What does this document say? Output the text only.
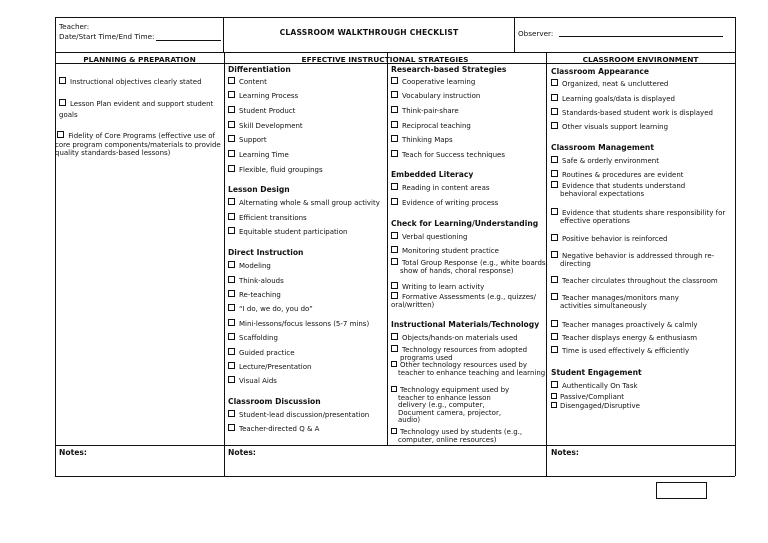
Teacher:
Date/Start Time/End Time:	CLASSROOM WALKTHROUGH CHECKLIST	Observer:
PLANNING & PREPARATION	EFFECTIVE INSTRUCTIONAL STRATEGIES	CLASSROOM ENVIRONMENT
Instructional objectives clearly stated
Lesson Plan evident and support student goals
Fidelity of Core Programs (effective use of core program components/materials to provide quality standards-based lessons)
Differentiation
Content
Learning Process
Student Product
Skill Development
Support
Learning Time
Flexible, fluid groupings
Lesson Design
Alternating whole & small group activity
Efficient transitions
Equitable student participation
Direct Instruction
Modeling
Think-alouds
Re-teaching
“I do, we do, you do”
Mini-lessons/focus lessons (5-7 mins)
Scaffolding
Guided practice
Lecture/Presentation
Visual Aids
Classroom Discussion
Student-lead discussion/presentation
Teacher-directed Q & A
Research-based Strategies
Cooperative learning
Vocabulary instruction
Think-pair-share
Reciprocal teaching
Thinking Maps
Teach for Success techniques
Embedded Literacy
Reading in content areas
Evidence of writing process
Check for Learning/Understanding
Verbal questioning
Monitoring student practice
Total Group Response (e.g., white boards, show of hands, choral response)
Writing to learn activity
Formative Assessments (e.g., quizzes/ oral/written)
Instructional Materials/Technology
Objects/hands-on materials used
Technology resources from adopted programs used
Other technology resources used by teacher to enhance teaching and learning
Technology equipment used by teacher to enhance lesson delivery (e.g., computer, Document camera, projector, audio)
Technology used by students (e.g., computer, online resources)
Classroom Appearance
Organized, neat & uncluttered
Learning goals/data is displayed
Standards-based student work is displayed
Other visuals support learning
Classroom Management
Safe & orderly environment
Routines & procedures are evident
Evidence that students understand behavioral expectations
Evidence that students share responsibility for effective operations
Positive behavior is reinforced
Negative behavior is addressed through re- directing
Teacher circulates throughout the classroom
Teacher manages/monitors many activities simultaneously
Teacher manages proactively & calmly
Teacher displays energy & enthusiasm
Time is used effectively & efficiently
Student Engagement
Authentically On Task
Passive/Compliant
Disengaged/Disruptive
Notes:	Notes:	Notes:
